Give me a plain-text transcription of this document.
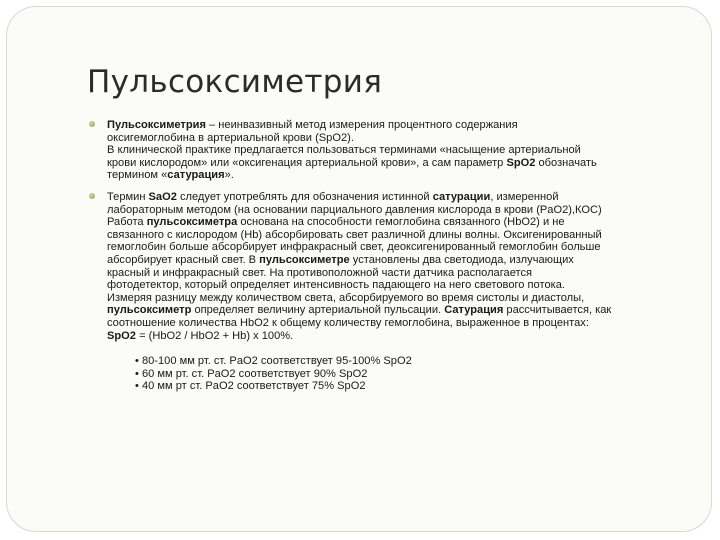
Пульсоксиметрия
Пульсоксиметрия – неинвазивный метод измерения процентного содержания
оксигемоглобина в артериальной крови (SpO2).
В клинической практике предлагается пользоваться терминами «насыщение артериальной
крови кислородом» или «оксигенация артериальной крови», а сам параметр SpO2 обозначать
термином «сатурация».
Термин SaO2 следует употреблять для обозначения истинной сатурации, измеренной
лабораторным методом (на основании парциального давления кислорода в крови (PaO2),КОС)
Работа пульсоксиметра основана на способности гемоглобина связанного (HbO2) и не
связанного с кислородом (Hb) абсорбировать свет различной длины волны. Оксигенированный
гемоглобин больше абсорбирует инфракрасный свет, деоксигенированный гемоглобин больше
абсорбирует красный свет. В пульсоксиметре установлены два светодиода, излучающих
красный и инфракрасный свет. На противоположной части датчика располагается
фотодетектор, который определяет интенсивность падающего на него светового потока.
Измеряя разницу между количеством света, абсорбируемого во время систолы и диастолы,
пульсоксиметр определяет величину артериальной пульсации. Сатурация рассчитывается, как
соотношение количества HbO2 к общему количеству гемоглобина, выраженное в процентах:
SpO2 = (HbO2 / HbO2 + Hb) x 100%.
• 80-100 мм рт. ст. PaO2 соответствует 95-100% SpO2
• 60 мм рт. ст. PaO2 соответствует 90% SpO2
• 40 мм рт ст. PaO2 соответствует 75% SpO2
